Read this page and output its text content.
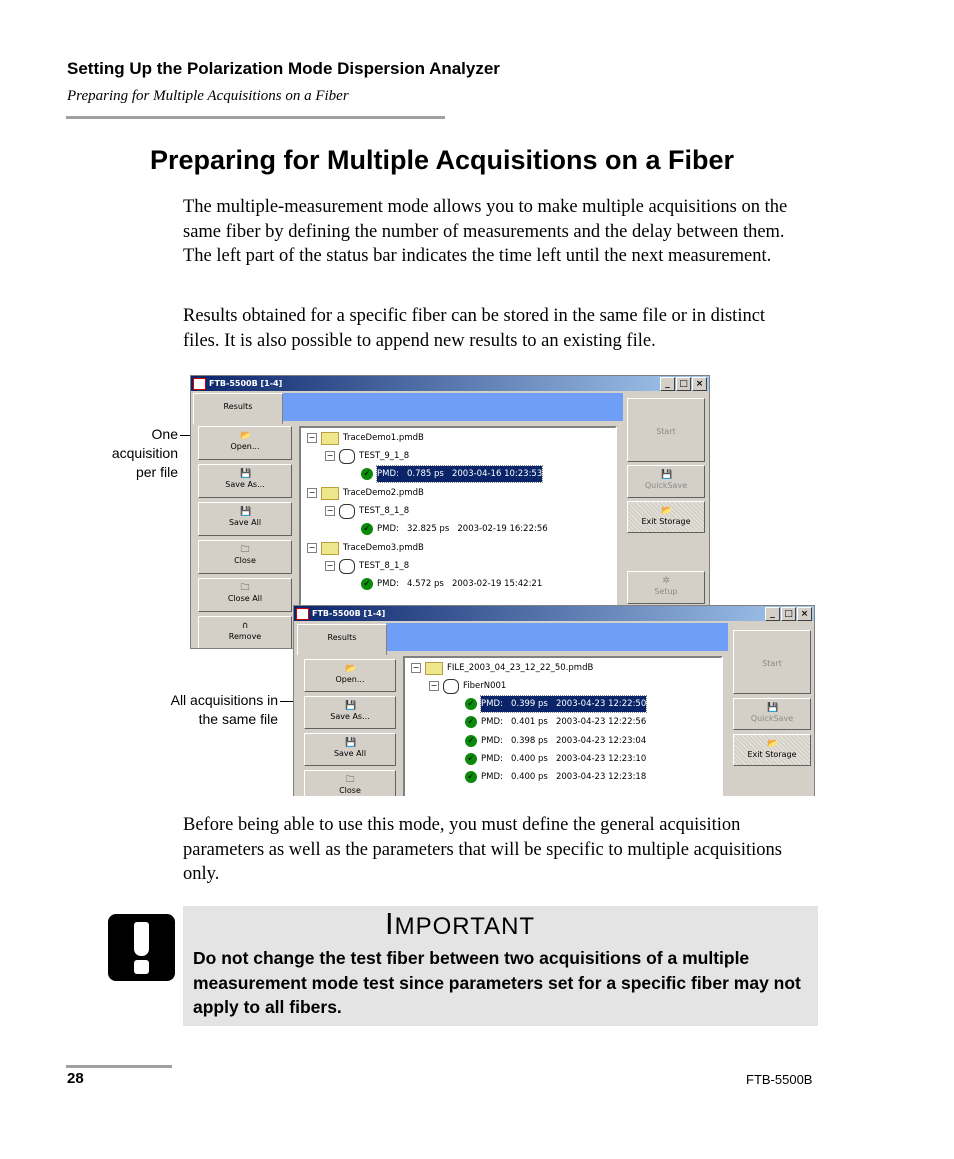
Setting Up the Polarization Mode Dispersion Analyzer
Preparing for Multiple Acquisitions on a Fiber
Preparing for Multiple Acquisitions on a Fiber
The multiple-measurement mode allows you to make multiple acquisitions on the same fiber by defining the number of measurements and the delay between them. The left part of the status bar indicates the time left until the next measurement.
Results obtained for a specific fiber can be stored in the same file or in distinct files. It is also possible to append new results to an existing file.
One acquisition per file
All acquisitions in the same file
FTB-5500B [1-4]	_	□ ×
Results
−	TraceDemo1.pmdB
−	TEST_9_1_8
✓ PMD: 0.785 ps 2003-04-16 10:23:53
−	TraceDemo2.pmdB
−	TEST_8_1_8
✓ PMD: 32.825 ps 2003-02-19 16:22:56
−	TraceDemo3.pmdB
−	TEST_8_1_8
✓ PMD: 4.572 ps 2003-02-19 15:42:21
📂
Open...
💾
Save As...
💾
Save All
🗀
Close
🗀
Close All
∩
Remove
Start
💾
QuickSave
📂
Exit Storage
✲
Setup
FTB-5500B [1-4]	_	□ ×
Results
−	FILE_2003_04_23_12_22_50.pmdB
−	FiberN001
✓ PMD: 0.399 ps 2003-04-23 12:22:50
✓ PMD: 0.401 ps 2003-04-23 12:22:56
✓ PMD: 0.398 ps 2003-04-23 12:23:04
✓ PMD: 0.400 ps 2003-04-23 12:23:10
✓ PMD: 0.400 ps 2003-04-23 12:23:18
📂
Open...
💾
Save As...
💾
Save All
🗀
Close
Start
💾
QuickSave
📂
Exit Storage
Before being able to use this mode, you must define the general acquisition parameters as well as the parameters that will be specific to multiple acquisitions only.
IMPORTANT
Do not change the test fiber between two acquisitions of a multiple measurement mode test since parameters set for a specific fiber may not apply to all fibers.
28	FTB-5500B
